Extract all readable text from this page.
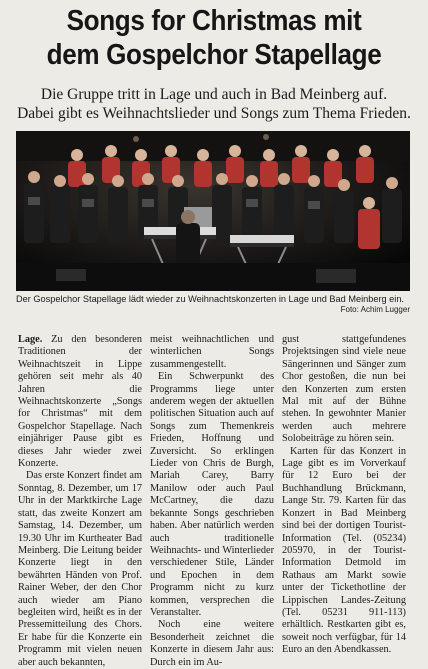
Songs for Christmas mit
dem Gospelchor Stapellage
Die Gruppe tritt in Lage und auch in Bad Meinberg auf.
Dabei gibt es Weihnachtslieder und Songs zum Thema Frieden.
Der Gospelchor Stapellage lädt wieder zu Weihnachtskonzerten in Lage und Bad Meinberg ein.
Foto: Achim Lugger

Lage. Zu den besonderen Traditionen der Weihnachtszeit in Lippe gehören seit mehr als 40 Jahren die Weihnachtskonzerte „Songs for Christmas“ mit dem Gospelchor Stapellage. Nach einjähriger Pause gibt es dieses Jahr wieder zwei Konzerte.

Das erste Konzert findet am Sonntag, 8. Dezember, um 17 Uhr in der Marktkirche Lage statt, das zweite Konzert am Samstag, 14. Dezember, um 19.30 Uhr im Kurtheater Bad Meinberg. Die Leitung beider Konzerte liegt in den bewährten Händen von Prof. Rainer Weber, der den Chor auch wieder am Piano begleiten wird, heißt es in der Pressemitteilung des Chors. Er habe für die Konzerte ein Programm mit vielen neuen aber auch bekannten,

meist weihnachtlichen und winterlichen Songs zusammengestellt.

Ein Schwerpunkt des Programms liege unter anderem wegen der aktuellen politischen Situation auch auf Songs zum Themenkreis Frieden, Hoffnung und Zuversicht. So erklingen Lieder von Chris de Burgh, Mariah Carey, Barry Manilow oder auch Paul McCartney, die dazu bekannte Songs geschrieben haben. Aber natürlich werden auch traditionelle Weihnachts- und Winterlieder verschiedener Stile, Länder und Epochen in dem Programm nicht zu kurz kommen, versprechen die Veranstalter.

Noch eine weitere Besonderheit zeichnet die Konzerte in diesem Jahr aus: Durch ein im Au-

gust stattgefundenes Projektsingen sind viele neue Sängerinnen und Sänger zum Chor gestoßen, die nun bei den Konzerten zum ersten Mal mit auf der Bühne stehen. In gewohnter Manier werden auch mehrere Solobeiträge zu hören sein.

Karten für das Konzert in Lage gibt es im Vorverkauf für 12 Euro bei der Buchhandlung Brückmann, Lange Str. 79. Karten für das Konzert in Bad Meinberg sind bei der dortigen Tourist-Information (Tel. (05234) 205970, in der Tourist-Information Detmold im Rathaus am Markt sowie unter der Tickethotline der Lippischen Landes-Zeitung (Tel. 05231 911-113) erhältlich. Restkarten gibt es, soweit noch verfügbar, für 14 Euro an den Abendkassen.
